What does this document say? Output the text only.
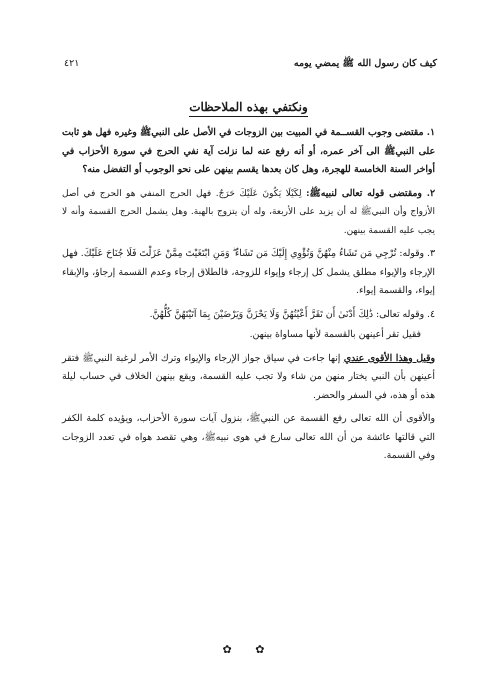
كيف كان رسول الله ﷺ يمضي يومه
٤٢١
ونكتفي بهذه الملاحظات

١. مقتضى وجوب القســمة في المبيت بين الزوجات في الأصل على النبيﷺ وغيره فهل هو ثابت على النبيﷺ الى آخر عمره، أو أنه رفع عنه لما نزلت آية نفي الحرج في سورة الأحزاب في أواخر السنة الخامسة للهجرة، وهل كان بعدها يقسم بينهن على نحو الوجوب أو التفضل منه؟

٢. ومقتضى قوله تعالى لنبيهﷺ: لِكَيْلَا يَكُونَ عَلَيْكَ حَرَجٌ. فهل الحرج المنفي هو الحرج في أصل الأزواج وأن النبيﷺ له أن يزيد على الأربعة، وله أن يتزوج بالهبة. وهل يشمل الحرج القسمة وأنه لا يجب عليه القسمة بينهن.

٣. وقوله: تُرْجِي مَن تَشَاءُ مِنْهُنَّ وَتُؤْوِي إِلَيْكَ مَن تَشَاءُ ۖ وَمَنِ ابْتَغَيْتَ مِمَّنْ عَزَلْتَ فَلَا جُنَاحَ عَلَيْكَ. فهل الإرجاء والإيواء مطلق يشمل كل إرجاء وإيواء للزوجة، فالطلاق إرجاء وعدم القسمة إرجاؤ، والإبقاء إيواء، والقسمة إيواء.

٤. وقوله تعالى: ذَٰلِكَ أَدْنَىٰ أَن تَقَرَّ أَعْيُنُهُنَّ وَلَا يَحْزَنَّ وَيَرْضَيْنَ بِمَا آتَيْتَهُنَّ كُلُّهُنَّ.

فقيل تقر أعينهن بالقسمة لأنها مساواة بينهن.

وقيل وهذا الأقوى عندي إنها جاءت في سياق جواز الإرجاء والإيواء وترك الأمر لرغبة النبيﷺ فتقر أعينهن بأن النبي يختار منهن من شاء ولا تجب عليه القسمة، ويقع بينهن الخلاف في حساب ليلة هذه أو هذه، في السفر والحضر.

والأقوى أن الله تعالى رفع القسمة عن النبيﷺ، بنزول آيات سورة الأحزاب، ويؤيده كلمة الكفر التي قالتها عائشة من أن الله تعالى سارع في هوى نبيهﷺ، وهي تقصد هواه في تعدد الزوجات وفي القسمة.

✿ ✿
